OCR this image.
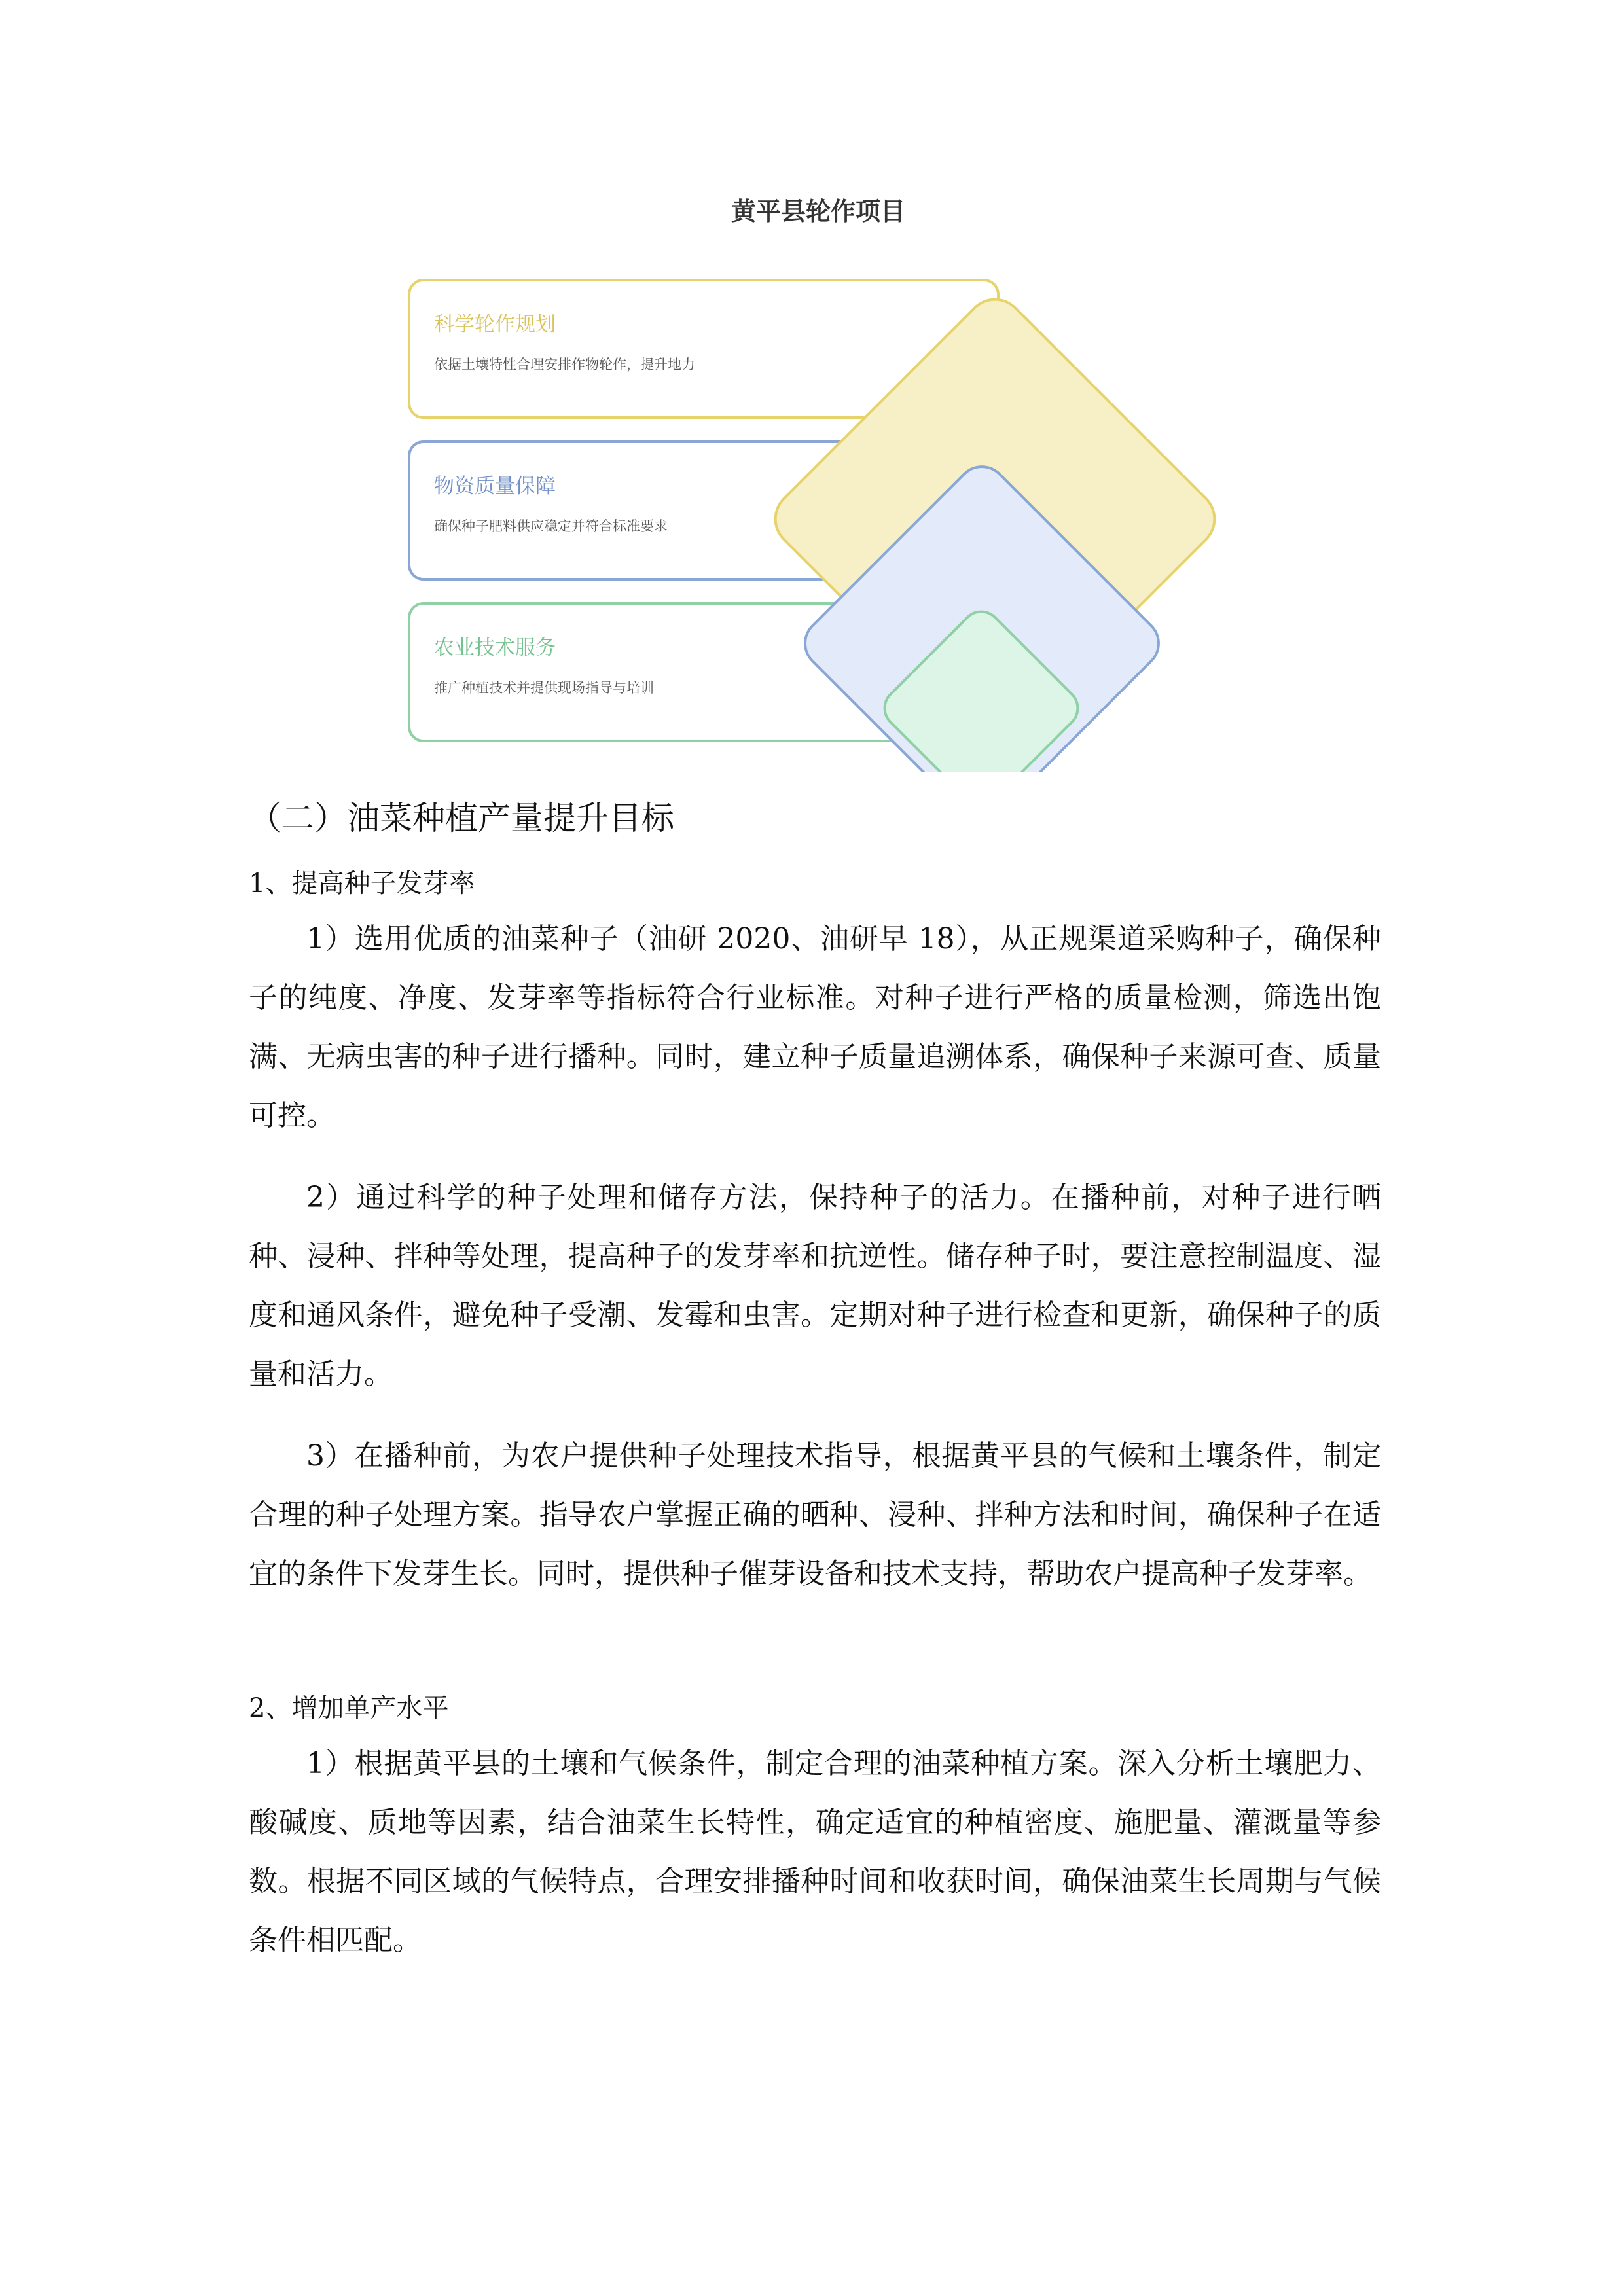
黄平县轮作项目
科学轮作规划
依据土壤特性合理安排作物轮作，提升地力
物资质量保障
确保种子肥料供应稳定并符合标准要求
农业技术服务
推广种植技术并提供现场指导与培训
（二）油菜种植产量提升目标
1、提高种子发芽率
1）选用优质的油菜种子（油研 2020、油研早 18），从正规渠道采购种子，确保种子的纯度、净度、发芽率等指标符合行业标准。对种子进行严格的质量检测，筛选出饱满、无病虫害的种子进行播种。同时，建立种子质量追溯体系，确保种子来源可查、质量可控。
2）通过科学的种子处理和储存方法，保持种子的活力。在播种前，对种子进行晒种、浸种、拌种等处理，提高种子的发芽率和抗逆性。储存种子时，要注意控制温度、湿度和通风条件，避免种子受潮、发霉和虫害。定期对种子进行检查和更新，确保种子的质量和活力。
3）在播种前，为农户提供种子处理技术指导，根据黄平县的气候和土壤条件，制定合理的种子处理方案。指导农户掌握正确的晒种、浸种、拌种方法和时间，确保种子在适宜的条件下发芽生长。同时，提供种子催芽设备和技术支持，帮助农户提高种子发芽率。
2、增加单产水平
1）根据黄平县的土壤和气候条件，制定合理的油菜种植方案。深入分析土壤肥力、酸碱度、质地等因素，结合油菜生长特性，确定适宜的种植密度、施肥量、灌溉量等参数。根据不同区域的气候特点，合理安排播种时间和收获时间，确保油菜生长周期与气候条件相匹配。
